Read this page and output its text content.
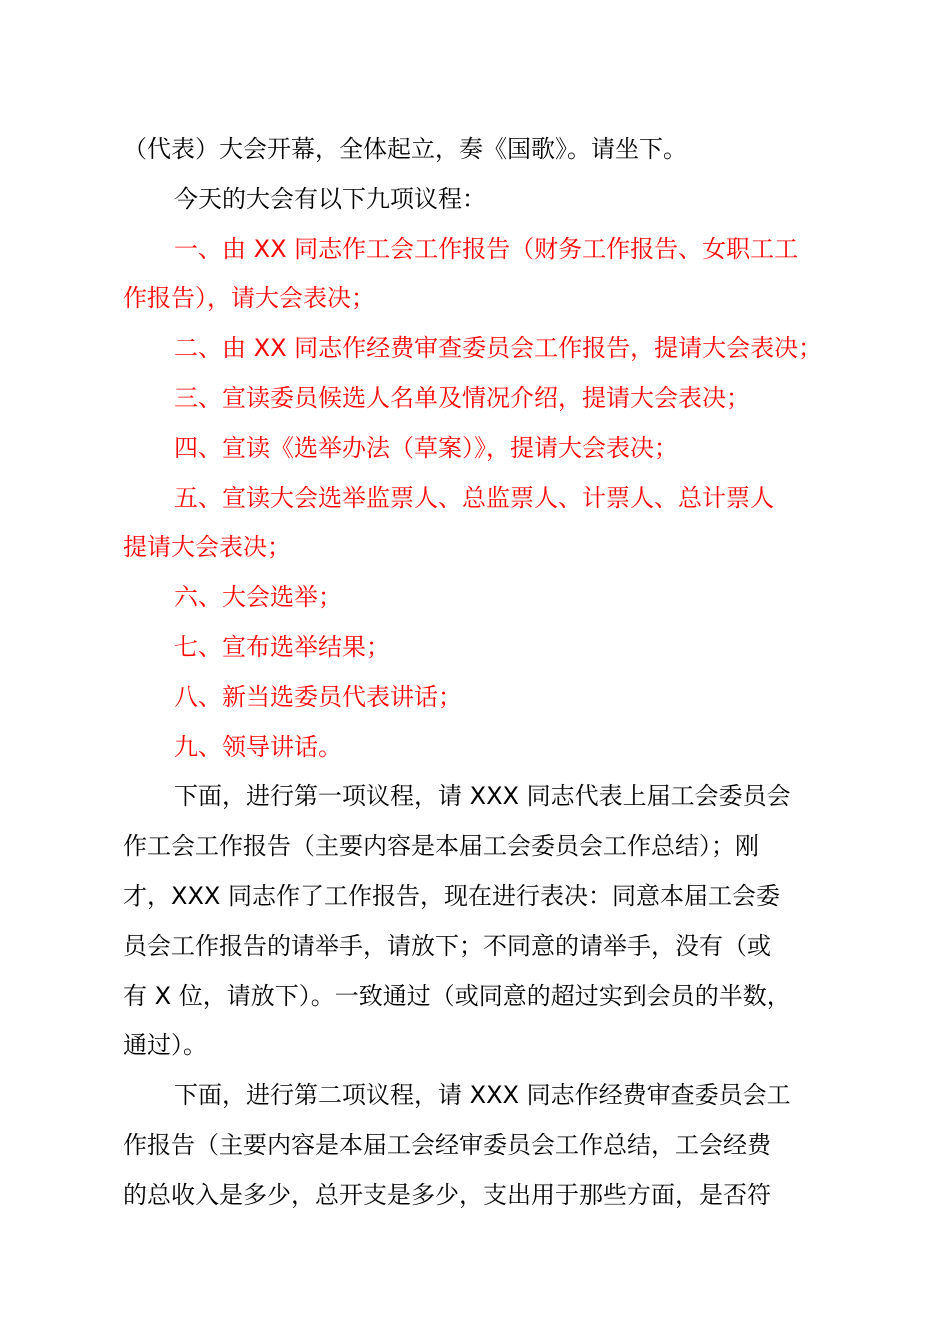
（代表）大会开幕，全体起立，奏《国歌》。请坐下。
今天的大会有以下九项议程：
一、由 XX 同志作工会工作报告（财务工作报告、女职工工
作报告），请大会表决；
二、由 XX 同志作经费审查委员会工作报告，提请大会表决；
三、宣读委员候选人名单及情况介绍，提请大会表决；
四、宣读《选举办法（草案）》，提请大会表决；
五、宣读大会选举监票人、总监票人、计票人、总计票人
提请大会表决；
六、大会选举；
七、宣布选举结果；
八、新当选委员代表讲话；
九、领导讲话。
下面，进行第一项议程，请 XXX 同志代表上届工会委员会
作工会工作报告（主要内容是本届工会委员会工作总结）；刚
才，XXX 同志作了工作报告，现在进行表决：同意本届工会委
员会工作报告的请举手，请放下；不同意的请举手，没有（或
有 X 位，请放下）。一致通过（或同意的超过实到会员的半数，
通过）。
下面，进行第二项议程，请 XXX 同志作经费审查委员会工
作报告（主要内容是本届工会经审委员会工作总结，工会经费
的总收入是多少，总开支是多少，支出用于那些方面，是否符
